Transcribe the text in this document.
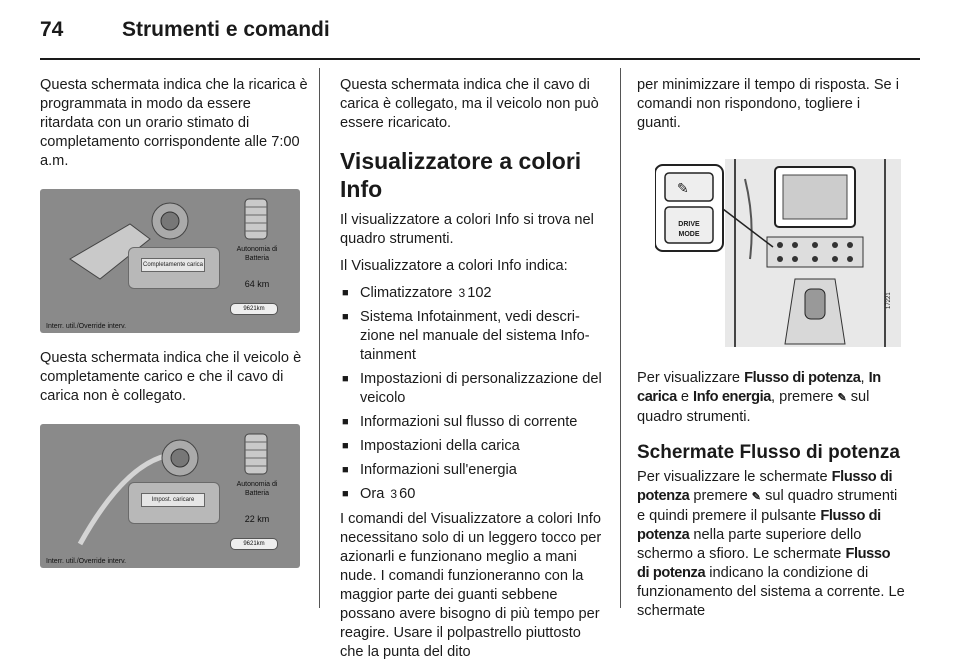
74	Strumenti e comandi

Questa schermata indica che la ricarica è programmata in modo da essere ritardata con un orario stimato di completamento corrispondente alle 7:00 a.m.

Completamente carica
Autonomia di Batteria
64 km
9621km
Interr. util./Override interv.

Questa schermata indica che il veicolo è completamente carico e che il cavo di carica non è collegato.

Impost. caricare
Autonomia di Batteria
22 km
9621km
Interr. util./Override interv.

Questa schermata indica che il cavo di carica è collegato, ma il veicolo non può essere ricaricato.

Visualizzatore a colori Info

Il visualizzatore a colori Info si trova nel quadro strumenti.

Il Visualizzatore a colori Info indica:

■ Climatizzatore 3 102
■ Sistema Infotainment, vedi descrizione nel manuale del sistema Infotainment
■ Impostazioni di personalizzazione del veicolo
■ Informazioni sul flusso di corrente
■ Impostazioni della carica
■ Informazioni sull'energia
■ Ora 3 60

I comandi del Visualizzatore a colori Info necessitano solo di un leggero tocco per azionarli e funzionano meglio a mani nude. I comandi funzioneranno con la maggior parte dei guanti sebbene possano avere bisogno di più tempo per reagire. Usare il polpastrello piuttosto che la punta del dito

per minimizzare il tempo di risposta. Se i comandi non rispondono, togliere i guanti.

✎
DRIVE
MODE
17221

Per visualizzare Flusso di potenza, In carica e Info energia, premere ✎ sul quadro strumenti.

Schermate Flusso di potenza

Per visualizzare le schermate Flusso di potenza premere ✎ sul quadro strumenti e quindi premere il pulsante Flusso di potenza nella parte superiore dello schermo a sfioro. Le schermate Flusso di potenza indicano la condizione di funzionamento del sistema a corrente. Le schermate
